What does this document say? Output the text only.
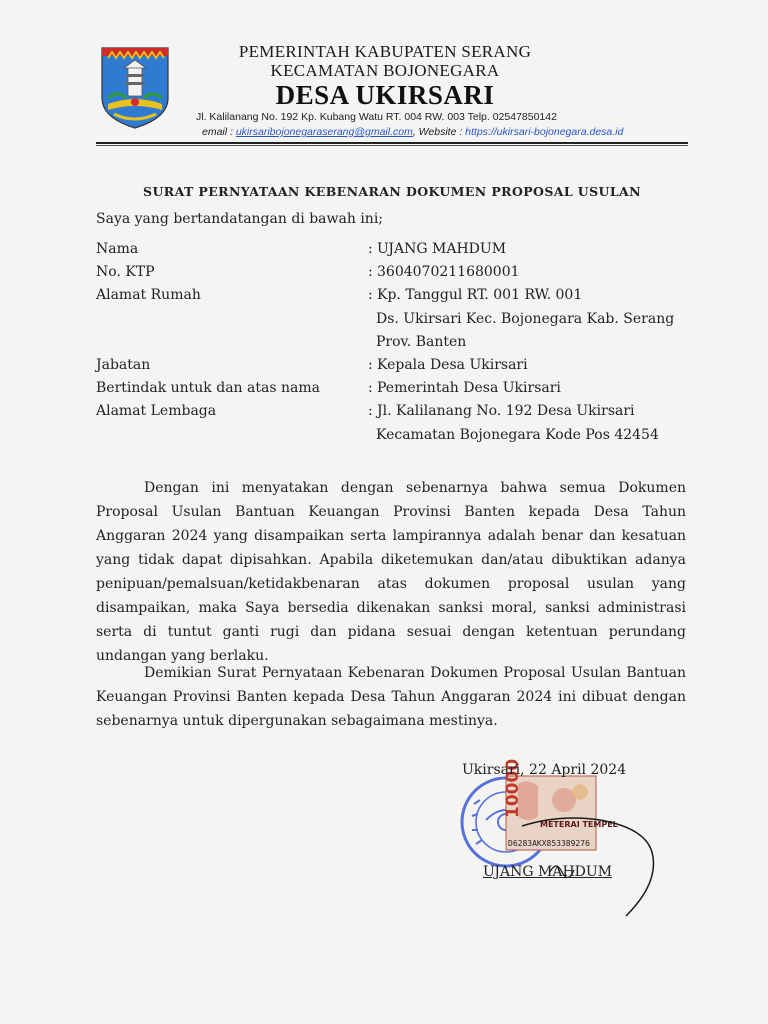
PEMERINTAH KABUPATEN SERANG
KECAMATAN BOJONEGARA
DESA UKIRSARI
Jl. Kalilanang No. 192 Kp. Kubang Watu RT. 004 RW. 003 Telp. 02547850142
email : ukirsaribojonegaraserang@gmail.com, Website : https://ukirsari-bojonegara.desa.id
SURAT PERNYATAAN KEBENARAN DOKUMEN PROPOSAL USULAN
Saya yang bertandatangan di bawah ini;
Nama	: UJANG MAHDUM
No. KTP	: 3604070211680001
Alamat Rumah	: Kp. Tanggul RT. 001 RW. 001
Ds. Ukirsari Kec. Bojonegara Kab. Serang
Prov. Banten
Jabatan	: Kepala Desa Ukirsari
Bertindak untuk dan atas nama	: Pemerintah Desa Ukirsari
Alamat Lembaga	: Jl. Kalilanang No. 192 Desa Ukirsari
Kecamatan Bojonegara Kode Pos 42454
Dengan ini menyatakan dengan sebenarnya bahwa semua Dokumen Proposal Usulan Bantuan Keuangan Provinsi Banten kepada Desa Tahun Anggaran 2024 yang disampaikan serta lampirannya adalah benar dan kesatuan yang tidak dapat dipisahkan. Apabila diketemukan dan/atau dibuktikan adanya penipuan/pemalsuan/ketidakbenaran atas dokumen proposal usulan yang disampaikan, maka Saya bersedia dikenakan sanksi moral, sanksi administrasi serta di tuntut ganti rugi dan pidana sesuai dengan ketentuan perundang undangan yang berlaku.
Demikian Surat Pernyataan Kebenaran Dokumen Proposal Usulan Bantuan Keuangan Provinsi Banten kepada Desa Tahun Anggaran 2024 ini dibuat dengan sebenarnya untuk dipergunakan sebagaimana mestinya.
10000
METERAI TEMPEL
D6283AKX853389276
Ukirsari, 22 April 2024
UJANG MAHDUM
